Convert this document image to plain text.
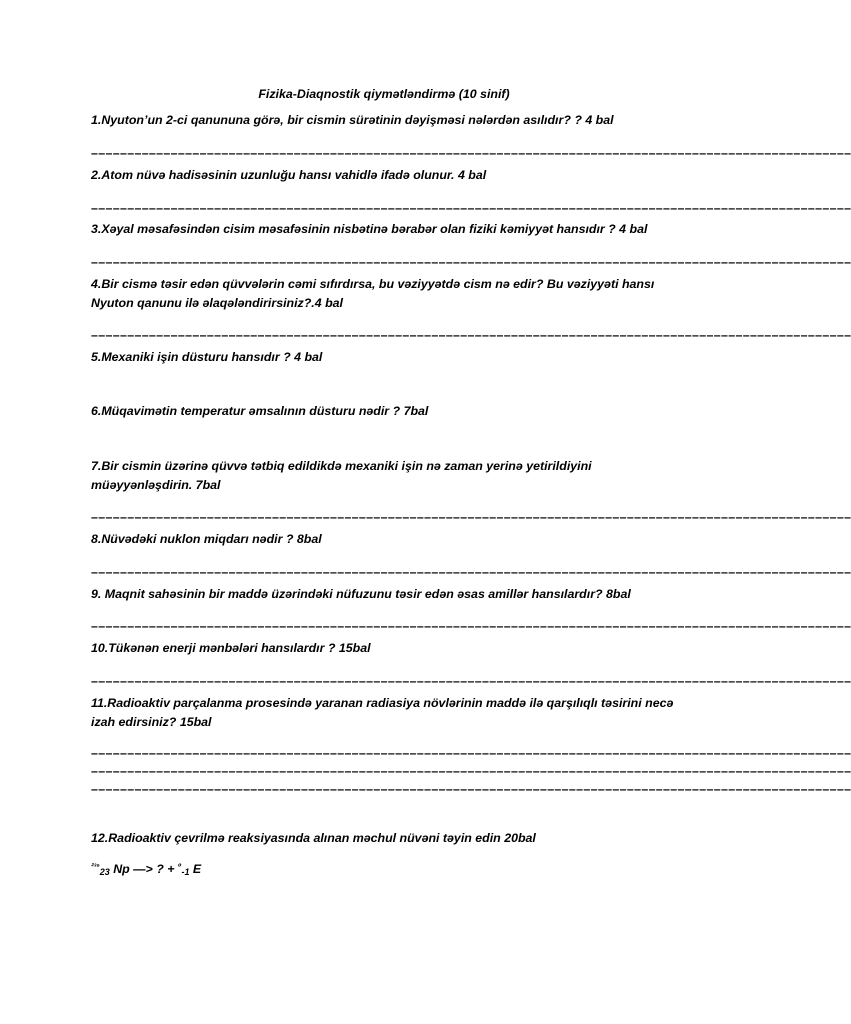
Fizika-Diaqnostik qiymətləndirmə (10 sinif)
1.Nyuton’un 2-ci qanununa görə, bir cismin sürətinin dəyişməsi nələrdən asılıdır? ? 4 bal
–––––––––––––––––––––––––––––––––––––––––––––––––––––––––––––––––––––––––––––––––––––––––––––––––––––––––
2.Atom nüvə hadisəsinin uzunluğu hansı vahidlə ifadə olunur. 4 bal
–––––––––––––––––––––––––––––––––––––––––––––––––––––––––––––––––––––––––––––––––––––––––––––––––––––––––
3.Xəyal məsafəsindən cisim məsafəsinin nisbətinə bərabər olan fiziki kəmiyyət hansıdır ? 4 bal
–––––––––––––––––––––––––––––––––––––––––––––––––––––––––––––––––––––––––––––––––––––––––––––––––––––––––
4.Bir cismə təsir edən qüvvələrin cəmi sıfırdırsa, bu vəziyyətdə cism nə edir? Bu vəziyyəti hansı Nyuton qanunu ilə əlaqələndirirsiniz?.4 bal
–––––––––––––––––––––––––––––––––––––––––––––––––––––––––––––––––––––––––––––––––––––––––––––––––––––––––
5.Mexaniki işin düsturu hansıdır ? 4 bal
6.Müqavimətin temperatur əmsalının düsturu nədir ? 7bal
7.Bir cismin üzərinə qüvvə tətbiq edildikdə mexaniki işin nə zaman yerinə yetirildiyini müəyyənləşdirin. 7bal
–––––––––––––––––––––––––––––––––––––––––––––––––––––––––––––––––––––––––––––––––––––––––––––––––––––––––
8.Nüvədəki nuklon miqdarı nədir ? 8bal
–––––––––––––––––––––––––––––––––––––––––––––––––––––––––––––––––––––––––––––––––––––––––––––––––––––––––
9. Maqnit sahəsinin bir maddə üzərindəki nüfuzunu təsir edən əsas amillər hansılardır? 8bal
–––––––––––––––––––––––––––––––––––––––––––––––––––––––––––––––––––––––––––––––––––––––––––––––––––––––––
10.Tükənən enerji mənbələri hansılardır ? 15bal
–––––––––––––––––––––––––––––––––––––––––––––––––––––––––––––––––––––––––––––––––––––––––––––––––––––––––
11.Radioaktiv parçalanma prosesində yaranan radiasiya növlərinin maddə ilə qarşılıqlı təsirini necə izah edirsiniz? 15bal
–––––––––––––––––––––––––––––––––––––––––––––––––––––––––––––––––––––––––––––––––––––––––––––––––––––––––
–––––––––––––––––––––––––––––––––––––––––––––––––––––––––––––––––––––––––––––––––––––––––––––––––––––––––
–––––––––––––––––––––––––––––––––––––––––––––––––––––––––––––––––––––––––––––––––––––––––––––––––––––––––
12.Radioaktiv çevrilmə reaksiyasında alınan məchul nüvəni təyin edin 20bal
$^{^{239}}_{23}$ Np —> ? + $^{^0}_{-1}$ E
